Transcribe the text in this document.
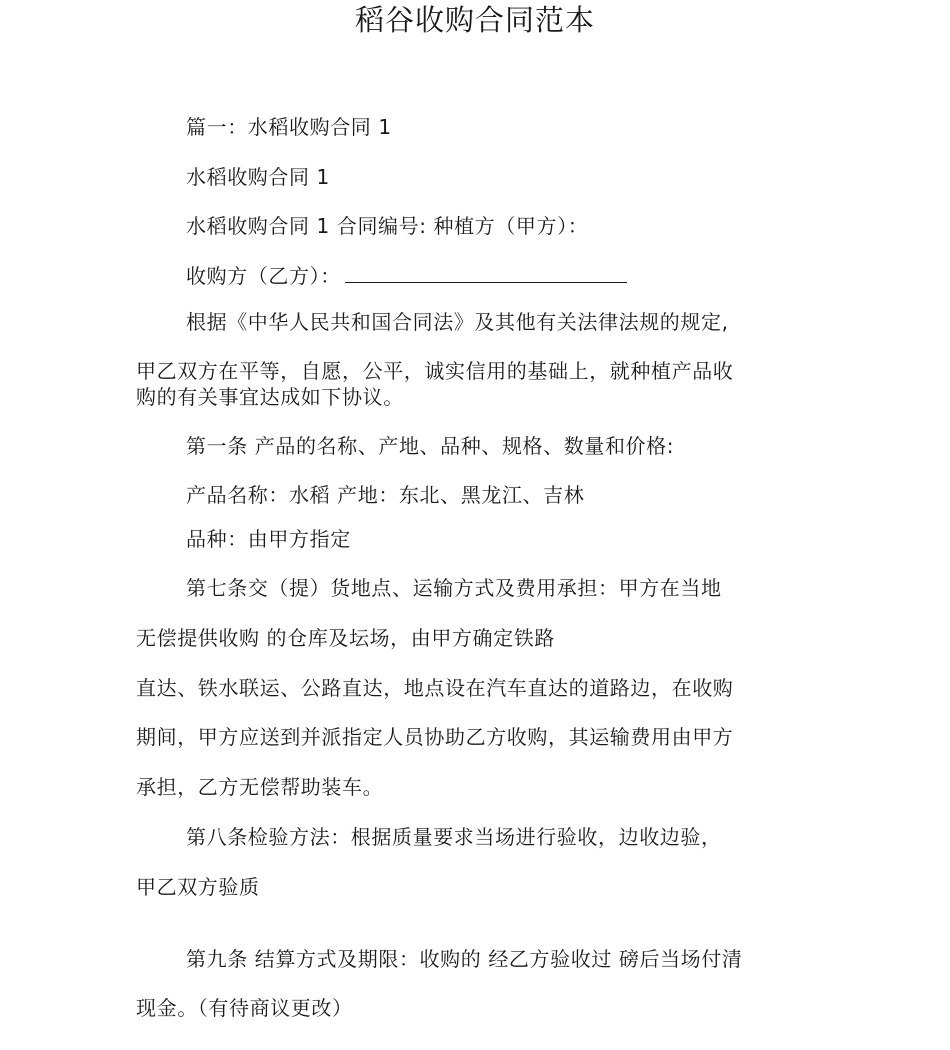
稻谷收购合同范本
篇一：水稻收购合同 1
水稻收购合同 1
水稻收购合同 1 合同编号: 种植方（甲方）：
收购方（乙方）：
根据《中华人民共和国合同法》及其他有关法律法规的规定,
甲乙双方在平等，自愿，公平，诚实信用的基础上，就种植产品收
购的有关事宜达成如下协议。
第一条 产品的名称、产地、品种、规格、数量和价格:
产品名称：水稻 产地：东北、黑龙江、吉林
品种：由甲方指定
第七条交（提）货地点、运输方式及费用承担：甲方在当地
无偿提供收购 的仓库及坛场，由甲方确定铁路
直达、铁水联运、公路直达，地点设在汽车直达的道路边，在收购
期间，甲方应送到并派指定人员协助乙方收购，其运输费用由甲方
承担，乙方无偿帮助装车。
第八条检验方法：根据质量要求当场进行验收，边收边验，
甲乙双方验质
第九条 结算方式及期限：收购的 经乙方验收过 磅后当场付清
现金。（有待商议更改）
